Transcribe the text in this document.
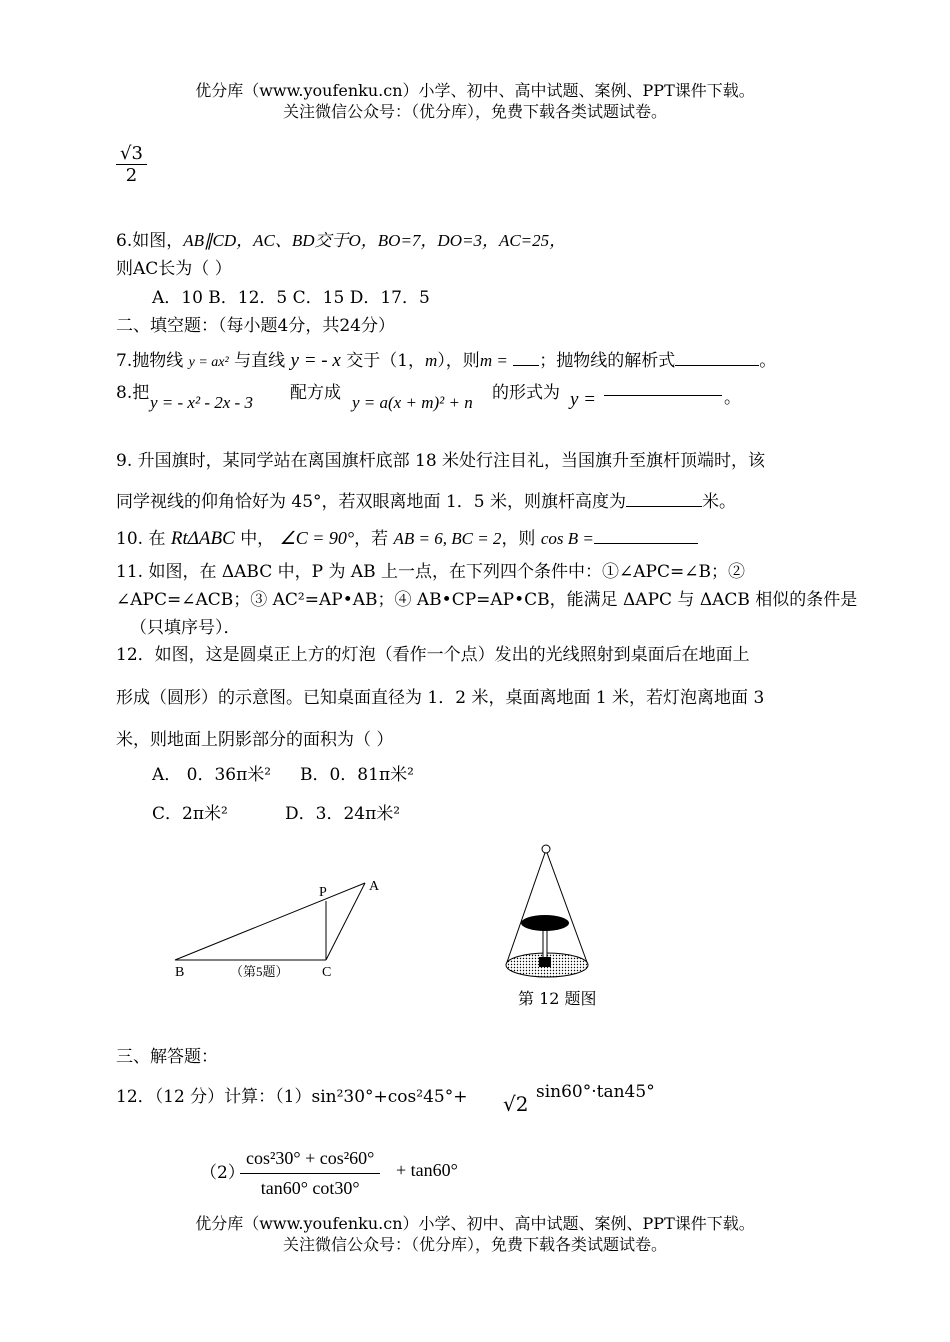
优分库（www.youfenku.cn）小学、初中、高中试题、案例、PPT课件下载。
关注微信公众号：（优分库），免费下载各类试题试卷。
$\frac{√3}{2}$
6.如图，AB∥CD，AC、BD交于O，BO=7，DO=3，AC=25，
则AC长为（ ）
A．10 B．12．5 C．15 D．17．5
二、填空题：（每小题4分，共24分）
7.抛物线 y = ax² 与直线 y = - x 交于（1，m），则m = ；抛物线的解析式	。
8.把 y = - x² - 2x - 3 配方成 y = a(x + m)² + n 的形式为 y =	。
9. 升国旗时，某同学站在离国旗杆底部 18 米处行注目礼，当国旗升至旗杆顶端时，该
同学视线的仰角恰好为 45°，若双眼离地面 1．5 米，则旗杆高度为	米。
10. 在 RtΔABC 中， ∠C = 90°，若 AB = 6, BC = 2，则 cos B =
11. 如图，在 ΔABC 中，P 为 AB 上一点，在下列四个条件中：①∠APC=∠B；②
∠APC=∠ACB；③ AC²=AP•AB；④ AB•CP=AP•CB，能满足 ΔAPC 与 ΔACB 相似的条件是
（只填序号）．
12．如图，这是圆桌正上方的灯泡（看作一个点）发出的光线照射到桌面后在地面上
形成（圆形）的示意图。已知桌面直径为 1．2 米，桌面离地面 1 米，若灯泡离地面 3
米，则地面上阴影部分的面积为（ ）
A． 0．36π米² B．0．81π米²
C．2π米²	D．3．24π米²
P	A
B	C
（第5题）
第 12 题图
三、解答题：
12．（12 分）计算：（1）sin²30°+cos²45°+ √2 sin60°·tan45°
（2）
$\frac{\text{cos²30° + cos²60°}}{\tan 60^\circ \cot 30^\circ} + \tan 60^\circ$
优分库（www.youfenku.cn）小学、初中、高中试题、案例、PPT课件下载。
关注微信公众号：（优分库），免费下载各类试题试卷。
